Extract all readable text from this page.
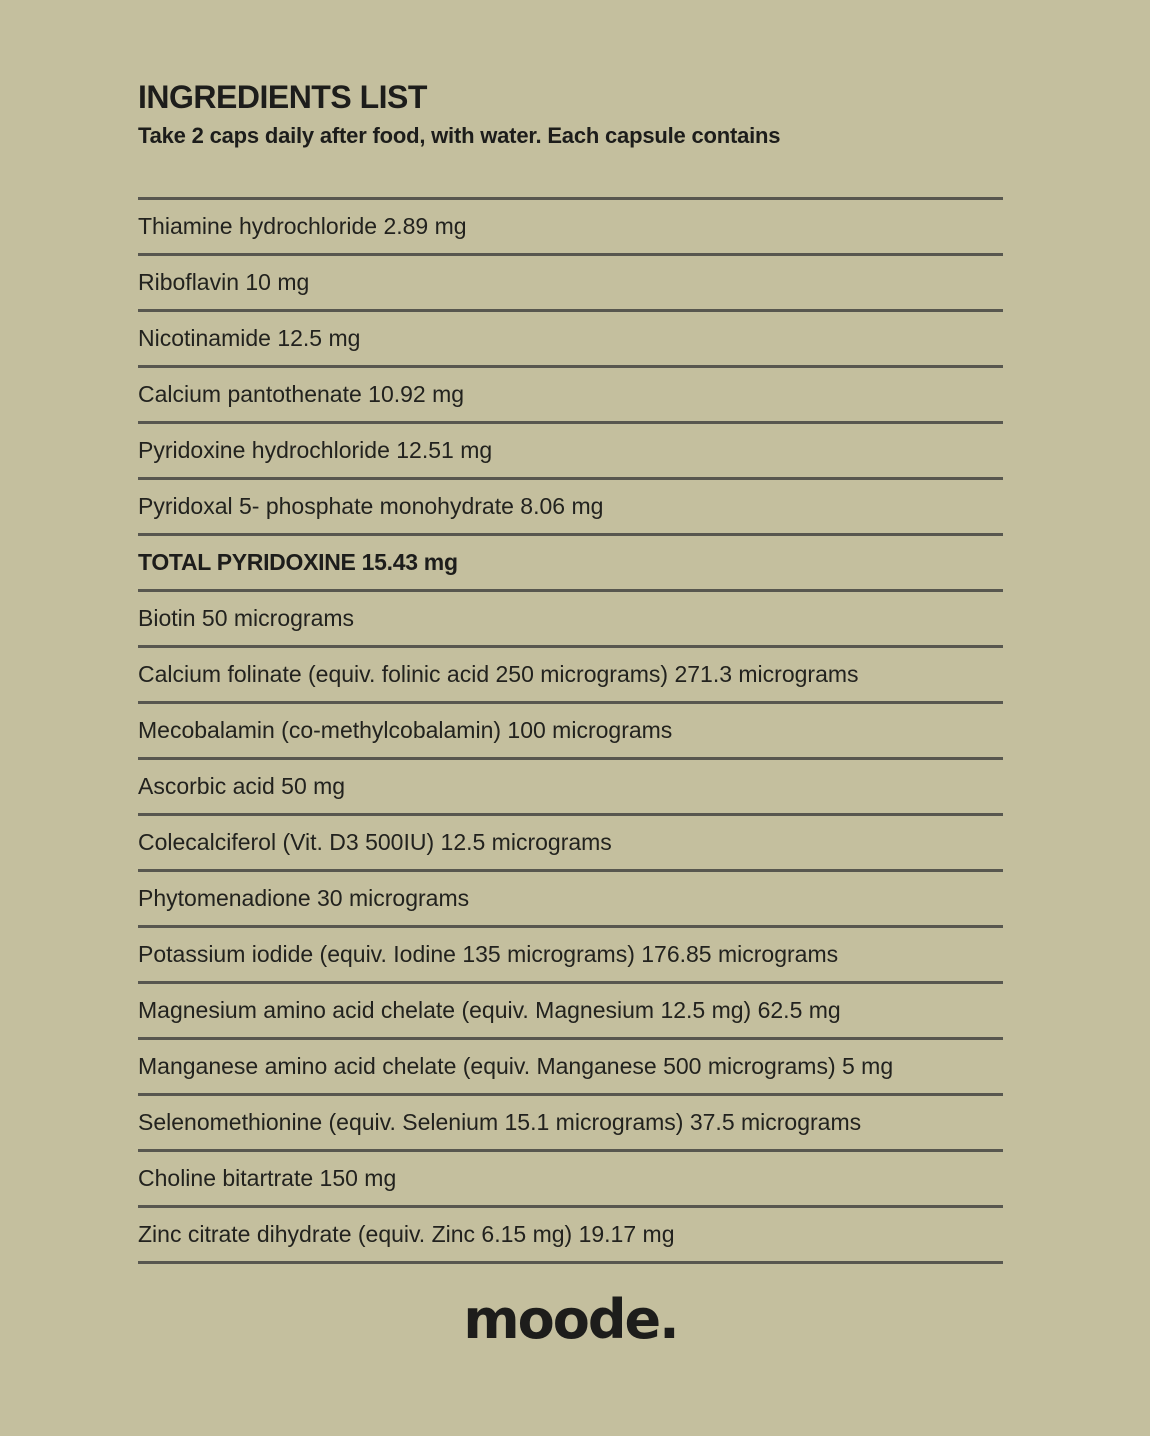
INGREDIENTS LIST

Take 2 caps daily after food, with water. Each capsule contains

Thiamine hydrochloride 2.89 mg
Riboflavin 10 mg
Nicotinamide 12.5 mg
Calcium pantothenate 10.92 mg
Pyridoxine hydrochloride 12.51 mg
Pyridoxal 5- phosphate monohydrate 8.06 mg
TOTAL PYRIDOXINE 15.43 mg
Biotin 50 micrograms
Calcium folinate (equiv. folinic acid 250 micrograms) 271.3 micrograms
Mecobalamin (co-methylcobalamin) 100 micrograms
Ascorbic acid 50 mg
Colecalciferol (Vit. D3 500IU) 12.5 micrograms
Phytomenadione 30 micrograms
Potassium iodide (equiv. Iodine 135 micrograms) 176.85 micrograms
Magnesium amino acid chelate (equiv. Magnesium 12.5 mg) 62.5 mg
Manganese amino acid chelate (equiv. Manganese 500 micrograms) 5 mg
Selenomethionine (equiv. Selenium 15.1 micrograms) 37.5 micrograms
Choline bitartrate 150 mg
Zinc citrate dihydrate (equiv. Zinc 6.15 mg) 19.17 mg
moode.
